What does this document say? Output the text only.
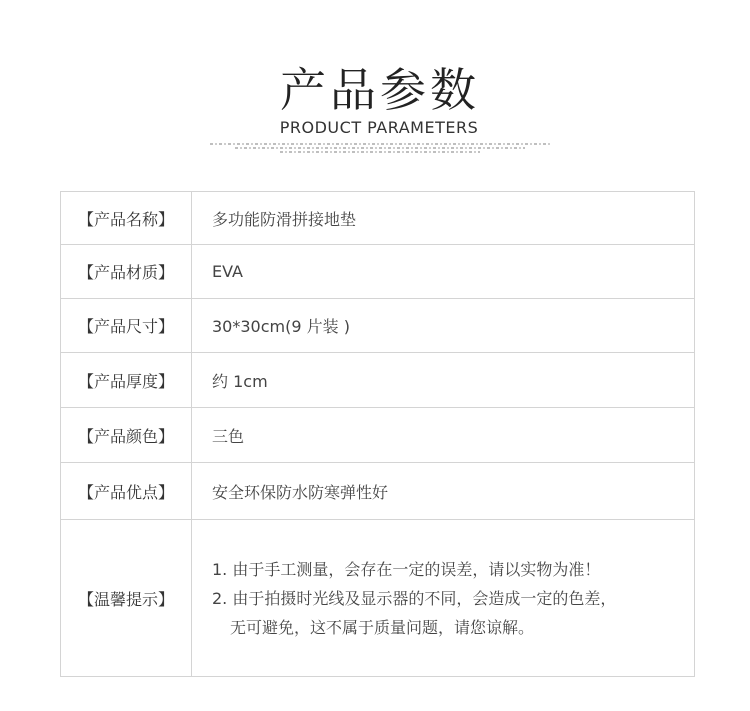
产品参数
PRODUCT PARAMETERS
【产品名称】	多功能防滑拼接地垫
【产品材质】	EVA
【产品尺寸】	30*30cm(9 片装 )
【产品厚度】	约 1cm
【产品颜色】	三色
【产品优点】	安全环保防水防寒弹性好
【温馨提示】	1. 由于手工测量，会存在一定的误差，请以实物为准！
2. 由于拍摄时光线及显示器的不同，会造成一定的色差，
无可避免，这不属于质量问题，请您谅解。
